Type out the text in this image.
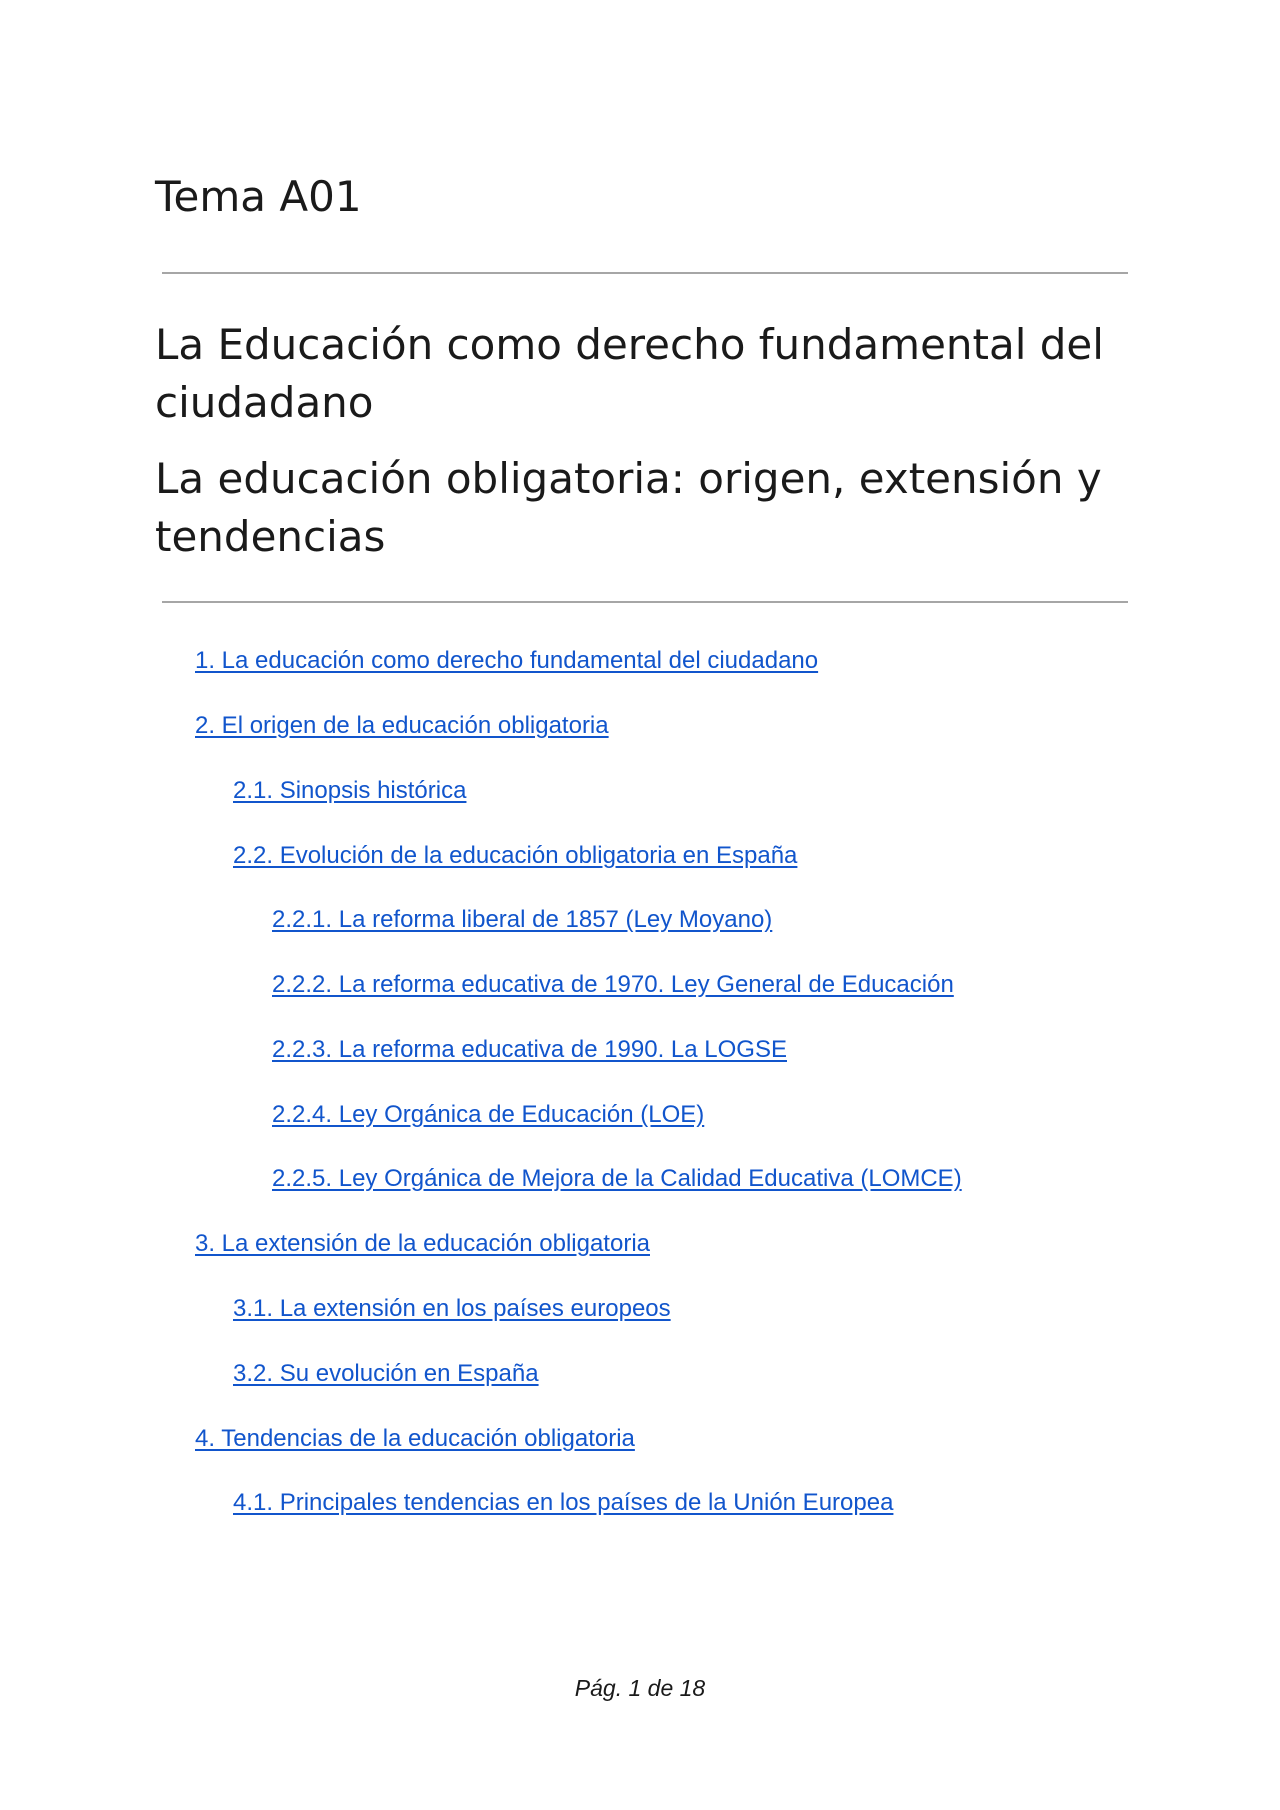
Tema A01
La Educación como derecho fundamental del ciudadano
La educación obligatoria: origen, extensión y tendencias
1. La educación como derecho fundamental del ciudadano
2. El origen de la educación obligatoria
2.1. Sinopsis histórica
2.2. Evolución de la educación obligatoria en España
2.2.1. La reforma liberal de 1857 (Ley Moyano)
2.2.2. La reforma educativa de 1970. Ley General de Educación
2.2.3. La reforma educativa de 1990. La LOGSE
2.2.4. Ley Orgánica de Educación (LOE)
2.2.5. Ley Orgánica de Mejora de la Calidad Educativa (LOMCE)
3. La extensión de la educación obligatoria
3.1. La extensión en los países europeos
3.2. Su evolución en España
4. Tendencias de la educación obligatoria
4.1. Principales tendencias en los países de la Unión Europea
Pág. 1 de 18
